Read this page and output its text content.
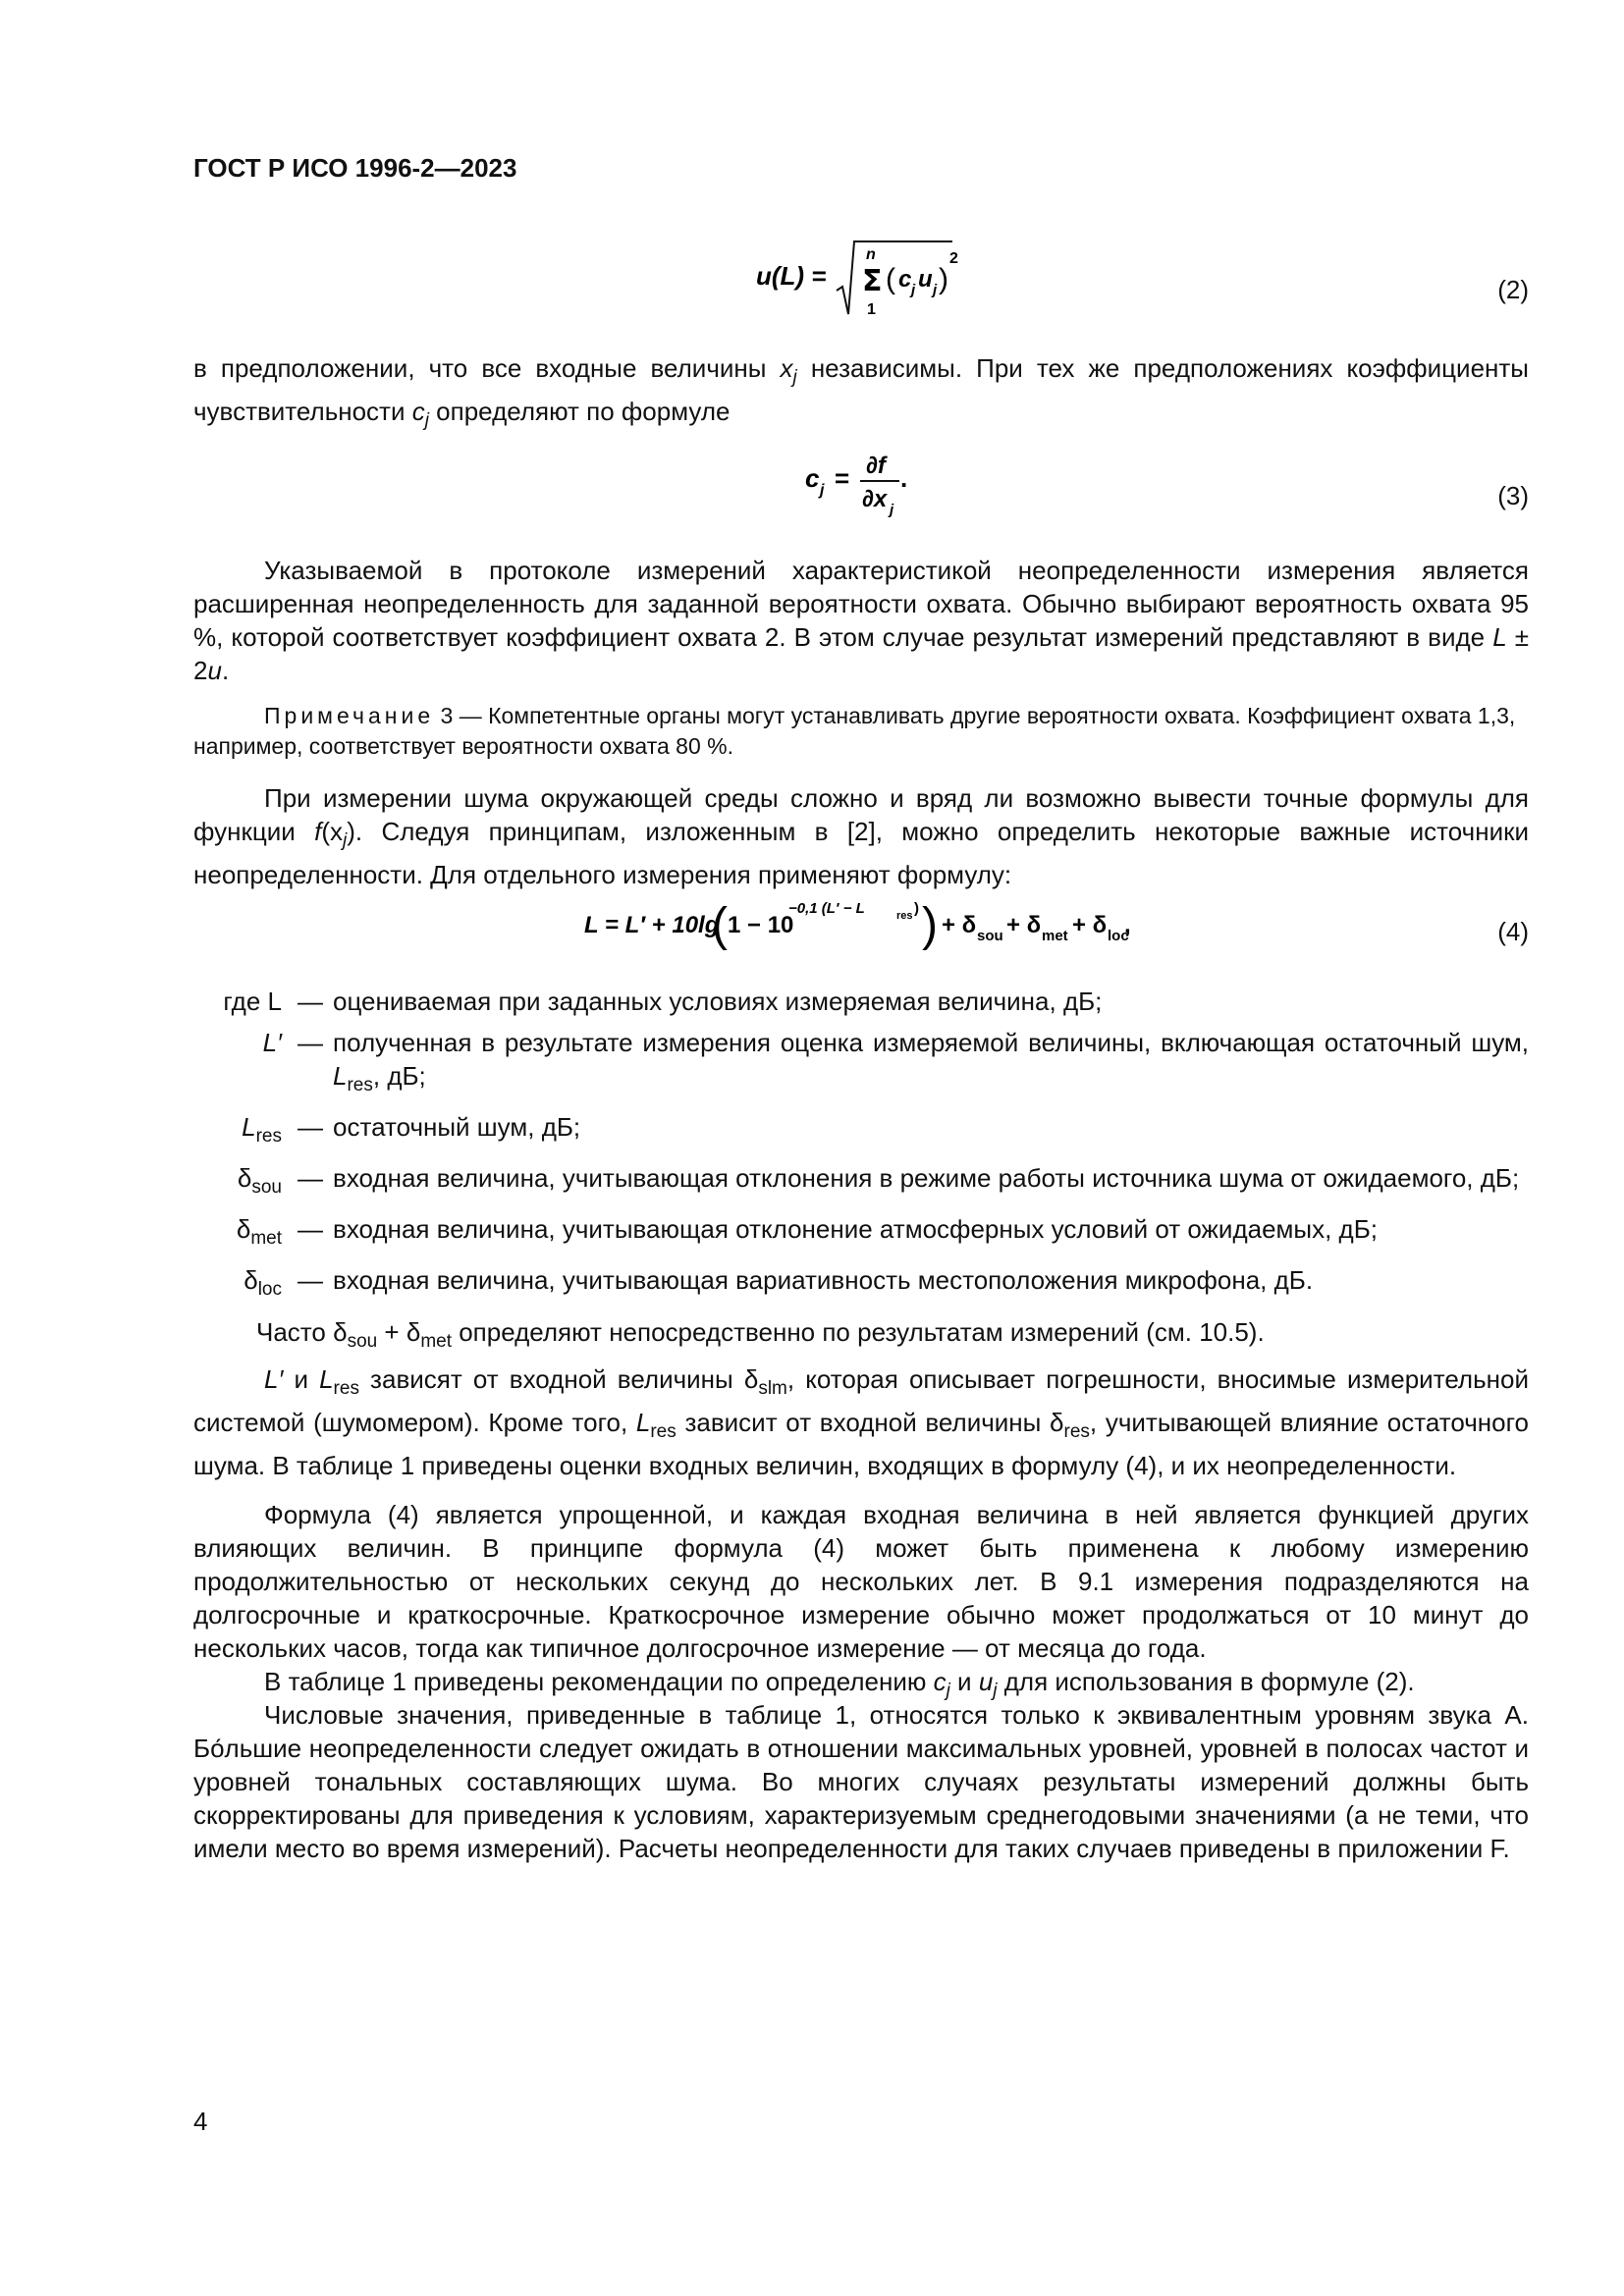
ГОСТ Р ИСО 1996-2—2023
u(L) = Σ
n
1
( c j u j )
2
(2)
в предположении, что все входные величины $x_j$ независимы. При тех же предположениях коэффициенты чувствительности $c_j$ определяют по формуле
c j = ∂f
∂x j
.
(3)
Указываемой в протоколе измерений характеристикой неопределенности измерения является расширенная неопределенность для заданной вероятности охвата. Обычно выбирают вероятность охвата 95 %, которой соответствует коэффициент охвата 2. В этом случае результат измерений представляют в виде L ± 2u.
Примечание 3 — Компетентные органы могут устанавливать другие вероятности охвата. Коэффициент охвата 1,3, например, соответствует вероятности охвата 80 %.
При измерении шума окружающей среды сложно и вряд ли возможно вывести точные формулы для функции $f(x_j)$. Следуя принципам, изложенным в [2], можно определить некоторые важные источники неопределенности. Для отдельного измерения применяют формулу:
L = L′ + 10lg
( 1 − 10
−0,1 (L′ − L	res ) ) + δ sou + δ met + δ loc
,	(4)
где L — оцениваемая при заданных условиях измеряемая величина, дБ;
L′ — полученная в результате измерения оценка измеряемой величины, включающая остаточный шум, $L_{res}$, дБ;
$L_{res}$ — остаточный шум, дБ;
$\delta_{sou}$ — входная величина, учитывающая отклонения в режиме работы источника шума от ожидаемого, дБ;
$\delta_{met}$ — входная величина, учитывающая отклонение атмосферных условий от ожидаемых, дБ;
$\delta_{loc}$ — входная величина, учитывающая вариативность местоположения микрофона, дБ.
Часто $\delta_{sou} + \delta_{met}$ определяют непосредственно по результатам измерений (см. 10.5).
L′ и $L_{res}$ зависят от входной величины $\delta_{slm}$, которая описывает погрешности, вносимые измерительной системой (шумомером). Кроме того, $L_{res}$ зависит от входной величины $\delta_{res}$, учитывающей влияние остаточного шума. В таблице 1 приведены оценки входных величин, входящих в формулу (4), и их неопределенности.
Формула (4) является упрощенной, и каждая входная величина в ней является функцией других влияющих величин. В принципе формула (4) может быть применена к любому измерению продолжительностью от нескольких секунд до нескольких лет. В 9.1 измерения подразделяются на долгосрочные и краткосрочные. Краткосрочное измерение обычно может продолжаться от 10 минут до нескольких часов, тогда как типичное долгосрочное измерение — от месяца до года.
В таблице 1 приведены рекомендации по определению $c_j$ и $u_j$ для использования в формуле (2).
Числовые значения, приведенные в таблице 1, относятся только к эквивалентным уровням звука А. Бо́льшие неопределенности следует ожидать в отношении максимальных уровней, уровней в полосах частот и уровней тональных составляющих шума. Во многих случаях результаты измерений должны быть скорректированы для приведения к условиям, характеризуемым среднегодовыми значениями (а не теми, что имели место во время измерений). Расчеты неопределенности для таких случаев приведены в приложении F.
4
